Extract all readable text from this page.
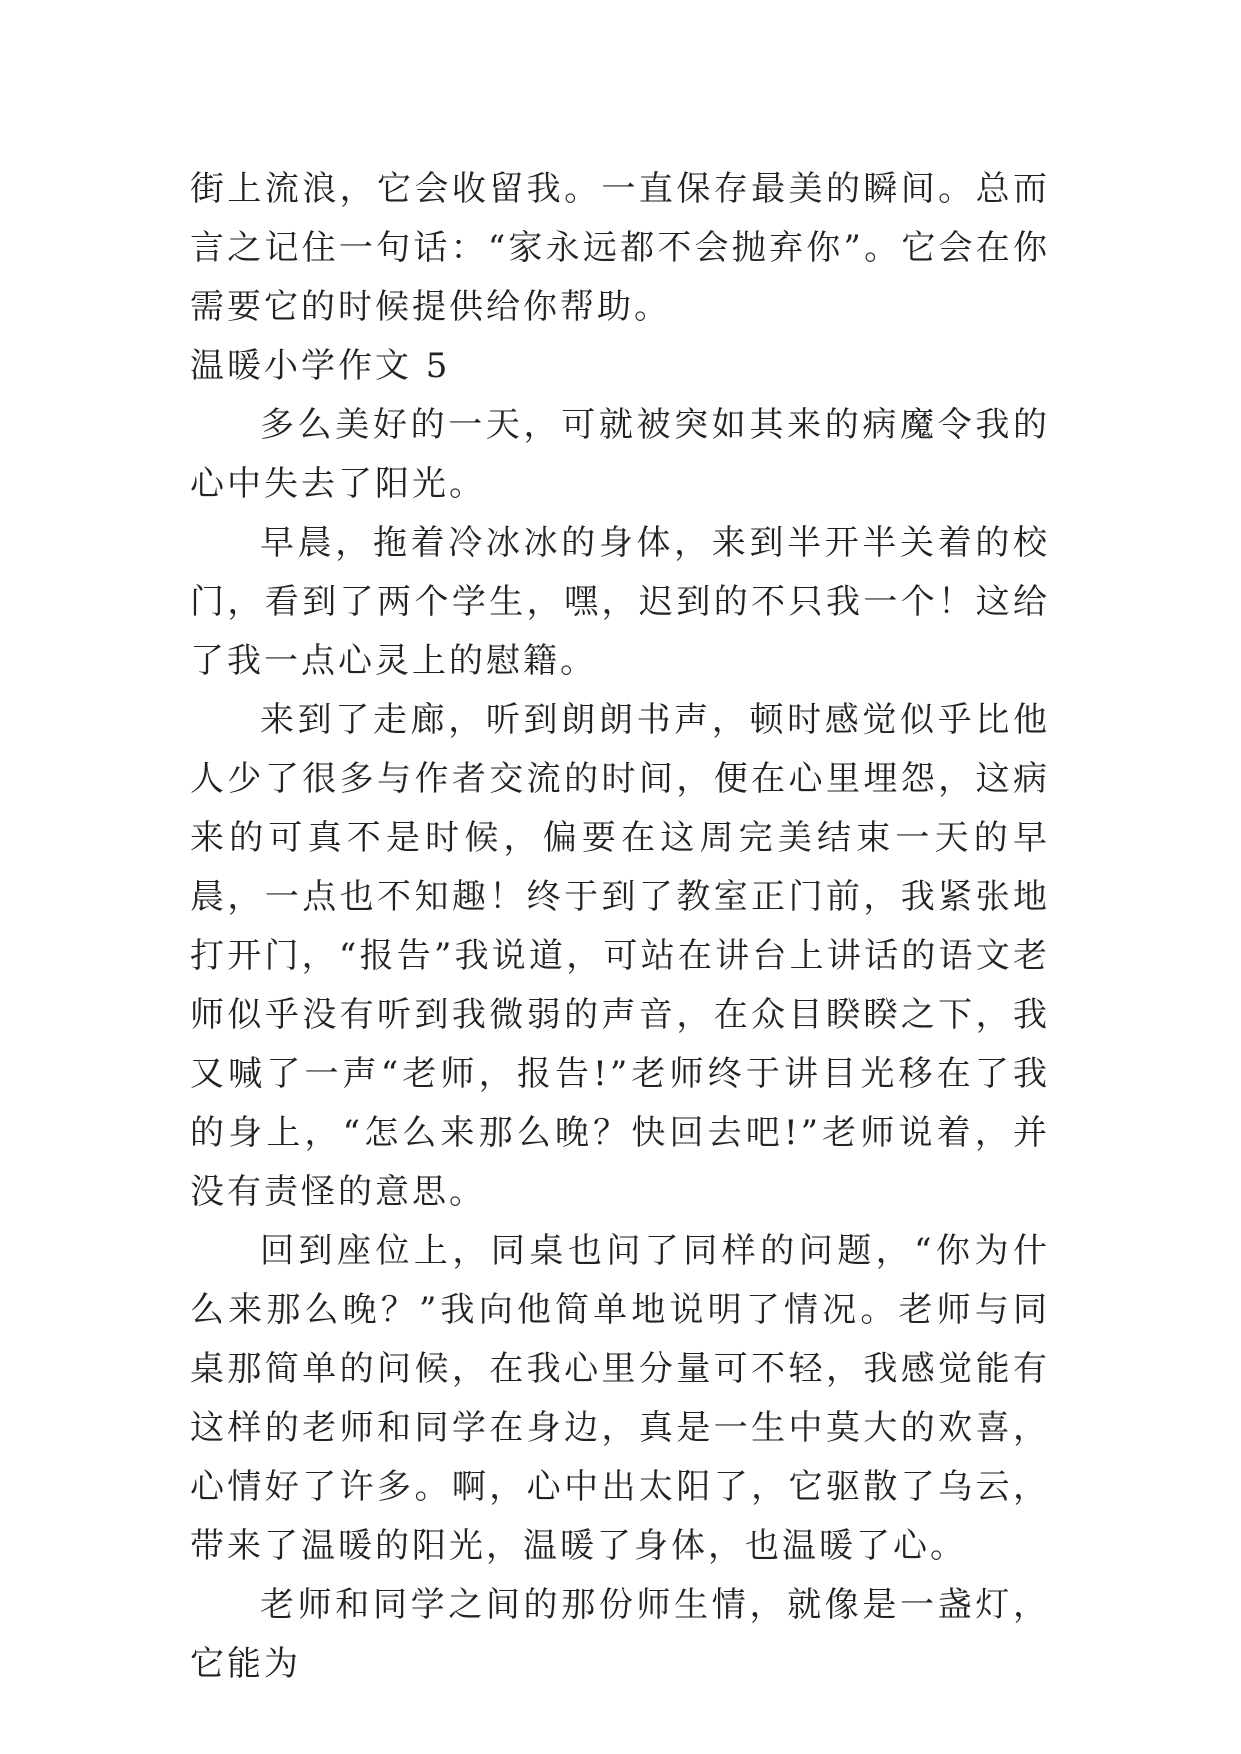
街上流浪，它会收留我。一直保存最美的瞬间。总而言之记住一句话：“家永远都不会抛弃你”。它会在你需要它的时候提供给你帮助。

温暖小学作文 5

多么美好的一天，可就被突如其来的病魔令我的心中失去了阳光。

早晨，拖着冷冰冰的身体，来到半开半关着的校门，看到了两个学生，嘿，迟到的不只我一个！这给了我一点心灵上的慰籍。

来到了走廊，听到朗朗书声，顿时感觉似乎比他人少了很多与作者交流的时间，便在心里埋怨，这病来的可真不是时候，偏要在这周完美结束一天的早晨，一点也不知趣！终于到了教室正门前，我紧张地打开门，“报告”我说道，可站在讲台上讲话的语文老师似乎没有听到我微弱的声音，在众目睽睽之下，我又喊了一声“老师，报告!”老师终于讲目光移在了我的身上，“怎么来那么晚？快回去吧!”老师说着，并没有责怪的意思。

回到座位上，同桌也问了同样的问题，“你为什么来那么晚？”我向他简单地说明了情况。老师与同桌那简单的问候，在我心里分量可不轻，我感觉能有这样的老师和同学在身边，真是一生中莫大的欢喜，心情好了许多。啊，心中出太阳了，它驱散了乌云，带来了温暖的阳光，温暖了身体，也温暖了心。

老师和同学之间的那份师生情，就像是一盏灯，它能为
